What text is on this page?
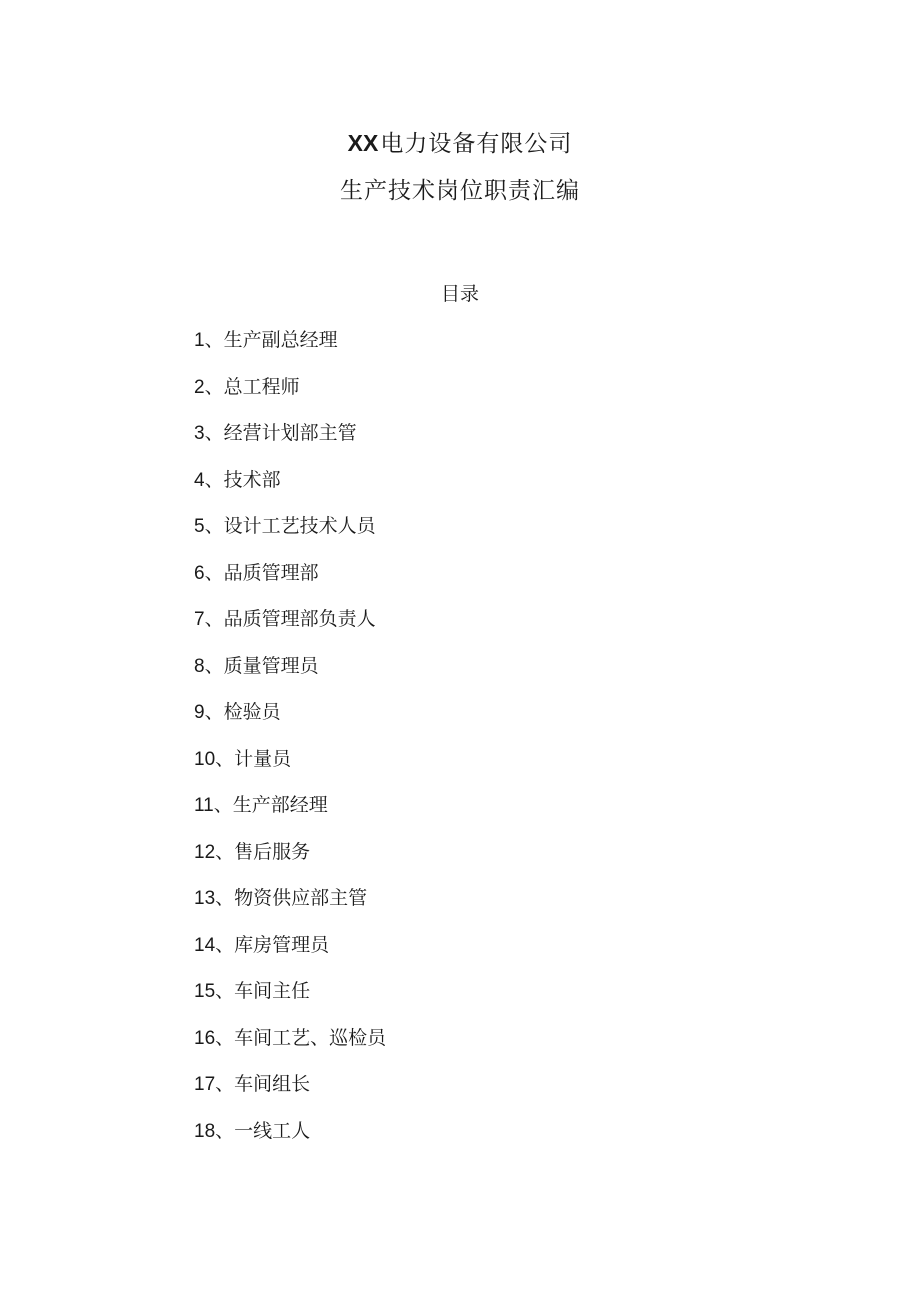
XX电力设备有限公司
生产技术岗位职责汇编
目录
1、生产副总经理
2、总工程师
3、经营计划部主管
4、技术部
5、设计工艺技术人员
6、品质管理部
7、品质管理部负责人
8、质量管理员
9、检验员
10、计量员
11、生产部经理
12、售后服务
13、物资供应部主管
14、库房管理员
15、车间主任
16、车间工艺、巡检员
17、车间组长
18、一线工人
